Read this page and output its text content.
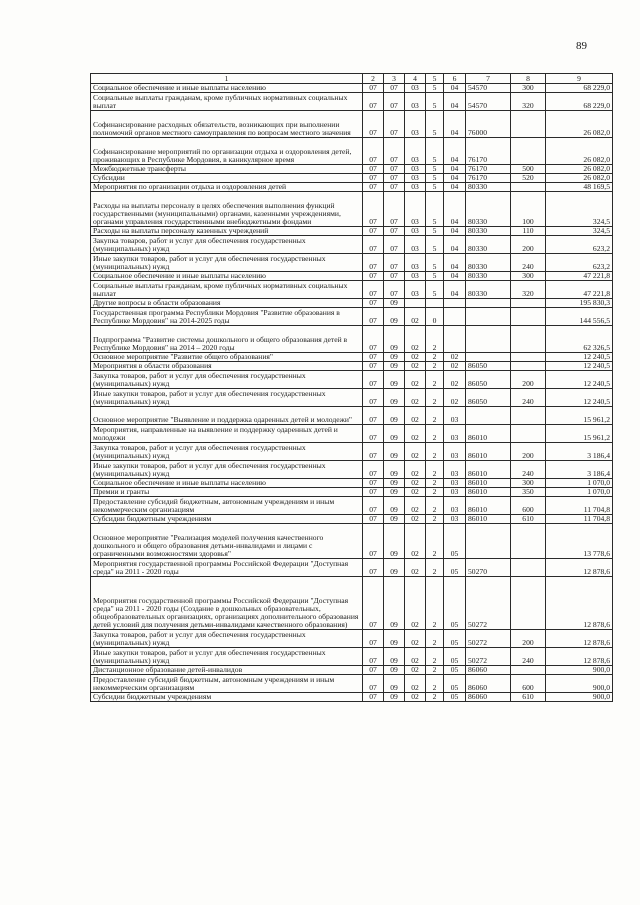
89
1	2	3	4	5	6	7	8	9
Социальное обеспечение и иные выплаты населению	07	07	03	5	04	54570	300	68 229,0
Социальные выплаты гражданам, кроме публичных нормативных социальных выплат	07	07	03	5	04	54570	320	68 229,0
Софинансирование расходных обязательств, возникающих при выполнении полномочий органов местного самоуправления по вопросам местного значения	07	07	03	5	04	76000		26 082,0
Софинансирование мероприятий по организации отдыха и оздоровления детей, проживающих в Республике Мордовия, в каникулярное время	07	07	03	5	04	76170		26 082,0
Межбюджетные трансферты	07	07	03	5	04	76170	500	26 082,0
Субсидии	07	07	03	5	04	76170	520	26 082,0
Мероприятия по организации отдыха и оздоровления детей	07	07	03	5	04	80330		48 169,5
Расходы на выплаты персоналу в целях обеспечения выполнения функций государственными (муниципальными) органами, казенными учреждениями, органами управления государственными внебюджетными фондами	07	07	03	5	04	80330	100	324,5
Расходы на выплаты персоналу казенных учреждений	07	07	03	5	04	80330	110	324,5
Закупка товаров, работ и услуг для обеспечения государственных (муниципальных) нужд	07	07	03	5	04	80330	200	623,2
Иные закупки товаров, работ и услуг для обеспечения государственных (муниципальных) нужд	07	07	03	5	04	80330	240	623,2
Социальное обеспечение и иные выплаты населению	07	07	03	5	04	80330	300	47 221,8
Социальные выплаты гражданам, кроме публичных нормативных социальных выплат	07	07	03	5	04	80330	320	47 221,8
Другие вопросы в области образования	07	09						195 830,3
Государственная программа Республики Мордовия "Развитие образования в Республике Мордовия" на 2014-2025 годы	07	09	02	0				144 556,5
Подпрограмма "Развитие системы дошкольного и общего образования детей в Республике Мордовия" на 2014 – 2020 годы	07	09	02	2				62 326,5
Основное мероприятие "Развитие общего образования"	07	09	02	2	02			12 240,5
Мероприятия в области образования	07	09	02	2	02	86050		12 240,5
Закупка товаров, работ и услуг для обеспечения государственных (муниципальных) нужд	07	09	02	2	02	86050	200	12 240,5
Иные закупки товаров, работ и услуг для обеспечения государственных (муниципальных) нужд	07	09	02	2	02	86050	240	12 240,5
Основное мероприятие "Выявление и поддержка одаренных детей и молодежи"	07	09	02	2	03			15 961,2
Мероприятия, направленные на выявление и поддержку одаренных детей и молодежи	07	09	02	2	03	86010		15 961,2
Закупка товаров, работ и услуг для обеспечения государственных (муниципальных) нужд	07	09	02	2	03	86010	200	3 186,4
Иные закупки товаров, работ и услуг для обеспечения государственных (муниципальных) нужд	07	09	02	2	03	86010	240	3 186,4
Социальное обеспечение и иные выплаты населению	07	09	02	2	03	86010	300	1 070,0
Премии и гранты	07	09	02	2	03	86010	350	1 070,0
Предоставление субсидий бюджетным, автономным учреждениям и иным некоммерческим организациям	07	09	02	2	03	86010	600	11 704,8
Субсидии бюджетным учреждениям	07	09	02	2	03	86010	610	11 704,8
Основное мероприятие "Реализация моделей получения качественного дошкольного и общего образования детьми-инвалидами и лицами с ограниченными возможностями здоровья"	07	09	02	2	05			13 778,6
Мероприятия государственной программы Российской Федерации "Доступная среда" на 2011 - 2020 годы	07	09	02	2	05	50270		12 878,6
Мероприятия государственной программы Российской Федерации "Доступная среда" на 2011 - 2020 годы (Создание в дошкольных образовательных, общеобразовательных организациях, организациях дополнительного образования детей условий для получения детьми-инвалидами качественного образования)	07	09	02	2	05	50272		12 878,6
Закупка товаров, работ и услуг для обеспечения государственных (муниципальных) нужд	07	09	02	2	05	50272	200	12 878,6
Иные закупки товаров, работ и услуг для обеспечения государственных (муниципальных) нужд	07	09	02	2	05	50272	240	12 878,6
Дистанционное образование детей-инвалидов	07	09	02	2	05	86060		900,0
Предоставление субсидий бюджетным, автономным учреждениям и иным некоммерческим организациям	07	09	02	2	05	86060	600	900,0
Субсидии бюджетным учреждениям	07	09	02	2	05	86060	610	900,0
